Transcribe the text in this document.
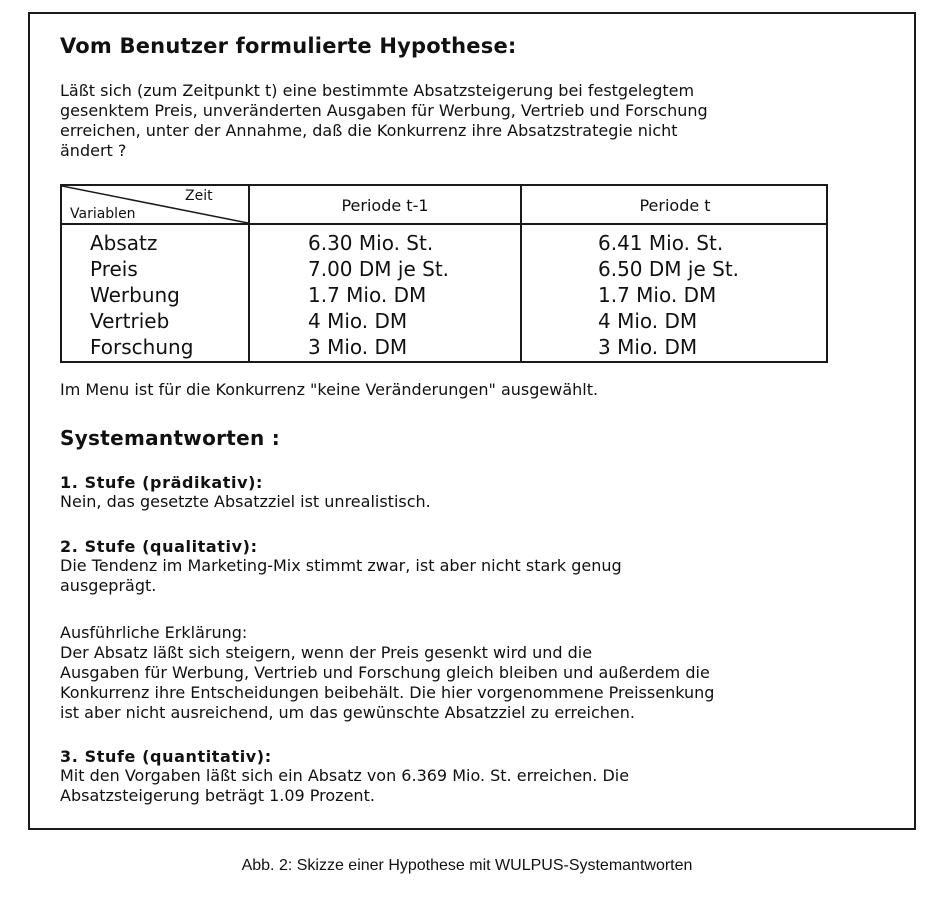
Vom Benutzer formulierte Hypothese:
Läßt sich (zum Zeitpunkt t) eine bestimmte Absatzsteigerung bei festgelegtem
gesenktem Preis, unveränderten Ausgaben für Werbung, Vertrieb und Forschung
erreichen, unter der Annahme, daß die Konkurrenz ihre Absatzstrategie nicht
ändert ?
Zeit
Variablen	Periode t-1	Periode t
Absatz
Preis
Werbung
Vertrieb
Forschung
6.30 Mio. St.
7.00 DM je St.
1.7 Mio. DM
4 Mio. DM
3 Mio. DM
6.41 Mio. St.
6.50 DM je St.
1.7 Mio. DM
4 Mio. DM
3 Mio. DM
Im Menu ist für die Konkurrenz "keine Veränderungen" ausgewählt.
Systemantworten :
1. Stufe (prädikativ):
Nein, das gesetzte Absatzziel ist unrealistisch.
2. Stufe (qualitativ):
Die Tendenz im Marketing-Mix stimmt zwar, ist aber nicht stark genug
ausgeprägt.
Ausführliche Erklärung:
Der Absatz läßt sich steigern, wenn der Preis gesenkt wird und die
Ausgaben für Werbung, Vertrieb und Forschung gleich bleiben und außerdem die
Konkurrenz ihre Entscheidungen beibehält. Die hier vorgenommene Preissenkung
ist aber nicht ausreichend, um das gewünschte Absatzziel zu erreichen.
3. Stufe (quantitativ):
Mit den Vorgaben läßt sich ein Absatz von 6.369 Mio. St. erreichen. Die
Absatzsteigerung beträgt 1.09 Prozent.
Abb. 2: Skizze einer Hypothese mit WULPUS-Systemantworten
